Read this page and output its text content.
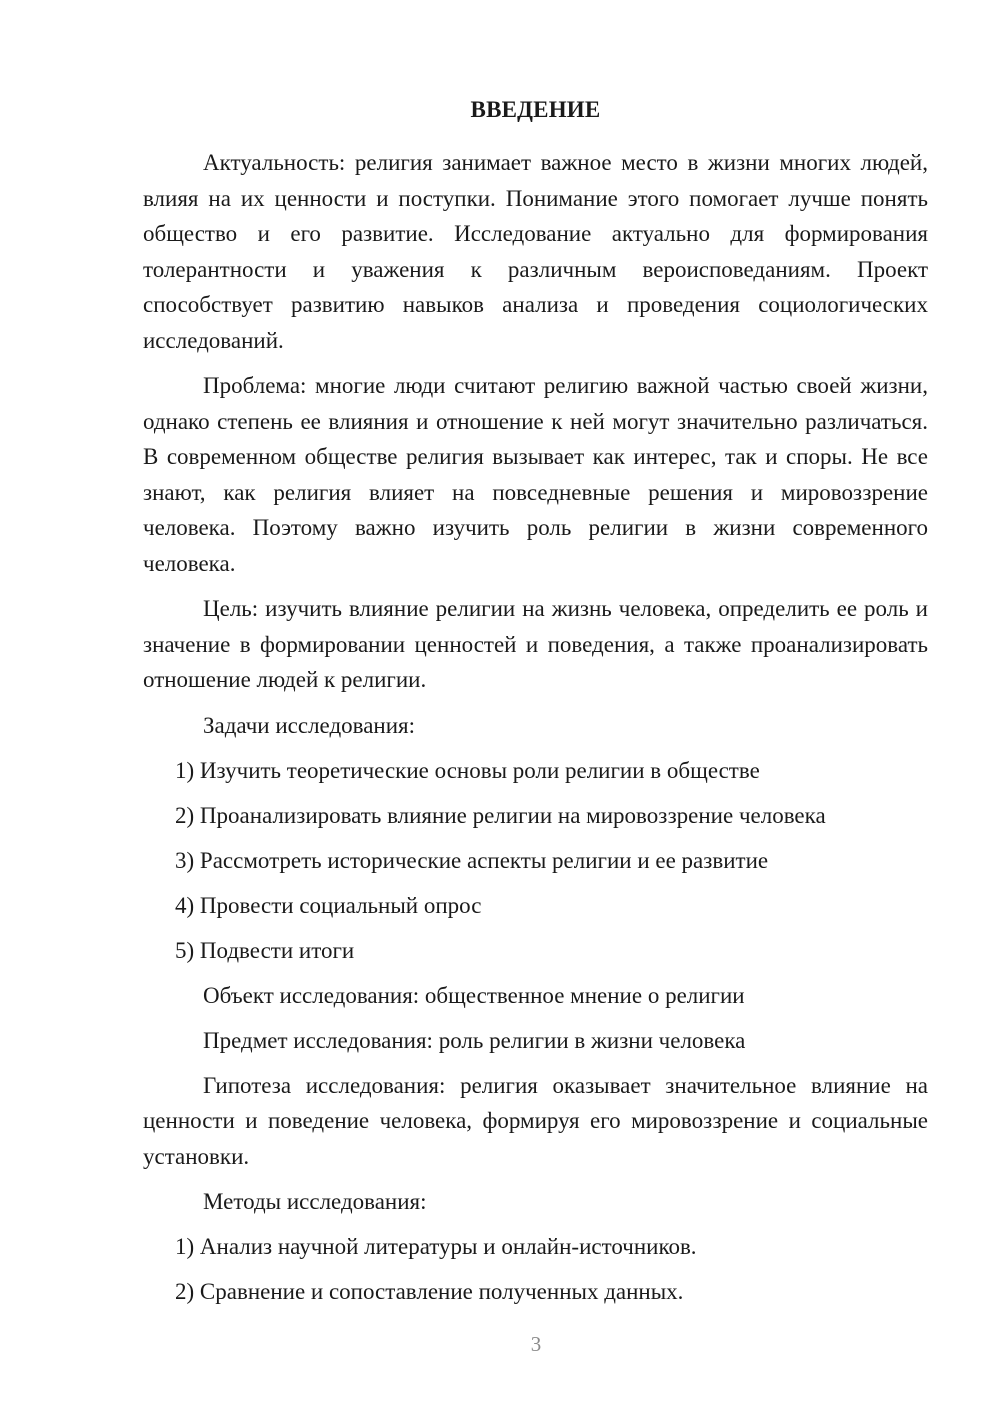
ВВЕДЕНИЕ

Актуальность: религия занимает важное место в жизни многих людей, влияя на их ценности и поступки. Понимание этого помогает лучше понять общество и его развитие. Исследование актуально для формирования толерантности и уважения к различным вероисповеданиям. Проект способствует развитию навыков анализа и проведения социологических исследований.

Проблема: многие люди считают религию важной частью своей жизни, однако степень ее влияния и отношение к ней могут значительно различаться. В современном обществе религия вызывает как интерес, так и споры. Не все знают, как религия влияет на повседневные решения и мировоззрение человека. Поэтому важно изучить роль религии в жизни современного человека.

Цель: изучить влияние религии на жизнь человека, определить ее роль и значение в формировании ценностей и поведения, а также проанализировать отношение людей к религии.

Задачи исследования:
1) Изучить теоретические основы роли религии в обществе
2) Проанализировать влияние религии на мировоззрение человека
3) Рассмотреть исторические аспекты религии и ее развитие
4) Провести социальный опрос
5) Подвести итоги
Объект исследования: общественное мнение о религии
Предмет исследования: роль религии в жизни человека

Гипотеза исследования: религия оказывает значительное влияние на ценности и поведение человека, формируя его мировоззрение и социальные установки.

Методы исследования:
1) Анализ научной литературы и онлайн-источников.
2) Сравнение и сопоставление полученных данных.
3
